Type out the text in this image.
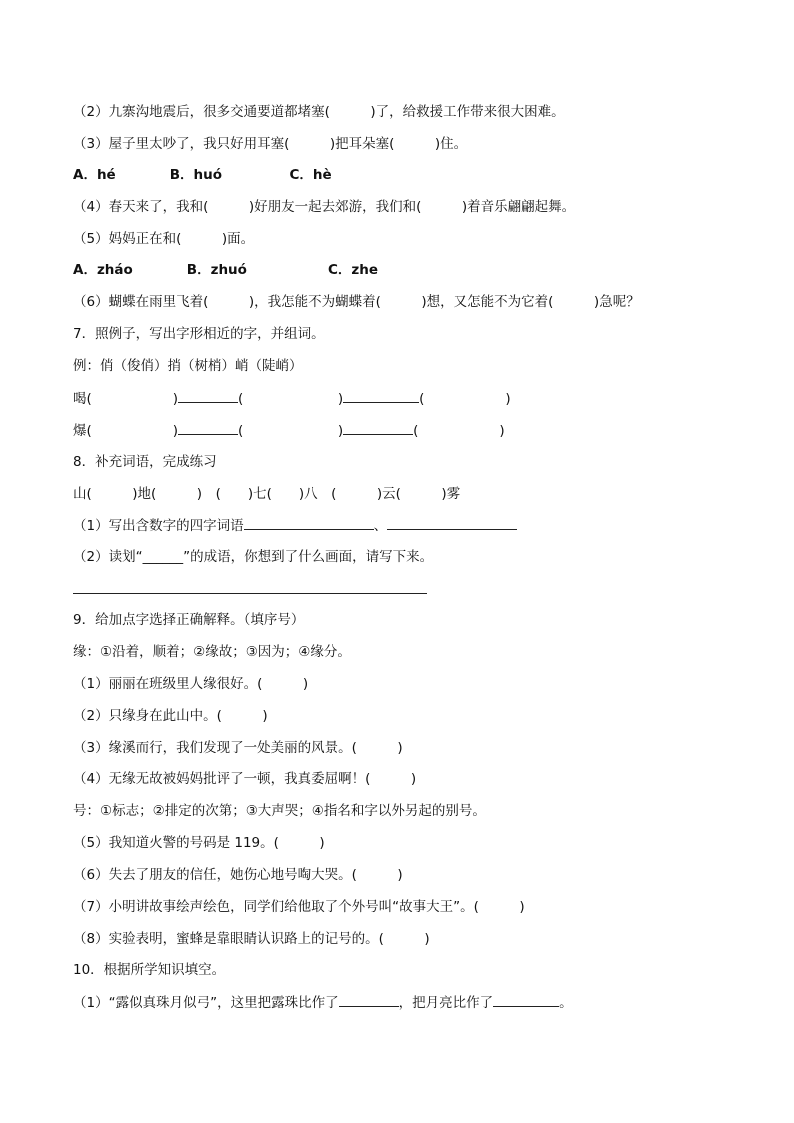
（2）九寨沟地震后，很多交通要道都堵塞(　　　)了，给救援工作带来很大困难。
（3）屋子里太吵了，我只好用耳塞(　　　)把耳朵塞(　　　)住。
A．hé　　　　B．huó　　　　　C．hè
（4）春天来了，我和(　　　)好朋友一起去郊游，我们和(　　　)着音乐翩翩起舞。
（5）妈妈正在和(　　　)面。
A．zháo　　　　B．zhuó　　　　　　C．zhe
（6）蝴蝶在雨里飞着(　　　)，我怎能不为蝴蝶着(　　　)想，又怎能不为它着(　　　)急呢？
7．照例子，写出字形相近的字，并组词。
例：俏（俊俏）捎（树梢）峭（陡峭）
喝(　　　　　　)	(　　　　　　　)	(　　　　　　)
爆(　　　　　　)	(　　　　　　　)	(　　　　　　)
8．补充词语，完成练习
山(　　　)地(　　　)　(　　)七(　　)八　(　　　)云(　　　)雾
（1）写出含数字的四字词语	、
（2）读划“______”的成语，你想到了什么画面，请写下来。
9．给加点字选择正确解释。（填序号）
缘：①沿着，顺着；②缘故；③因为；④缘分。
（1）丽丽在班级里人缘很好。(　　　)
（2）只缘身在此山中。(　　　)
（3）缘溪而行，我们发现了一处美丽的风景。(　　　)
（4）无缘无故被妈妈批评了一顿，我真委屈啊！(　　　)
号：①标志；②排定的次第；③大声哭；④指名和字以外另起的别号。
（5）我知道火警的号码是 119。(　　　)
（6）失去了朋友的信任，她伤心地号啕大哭。(　　　)
（7）小明讲故事绘声绘色，同学们给他取了个外号叫“故事大王”。(　　　)
（8）实验表明，蜜蜂是靠眼睛认识路上的记号的。(　　　)
10．根据所学知识填空。
（1）“露似真珠月似弓”，这里把露珠比作了	，把月亮比作了	。
